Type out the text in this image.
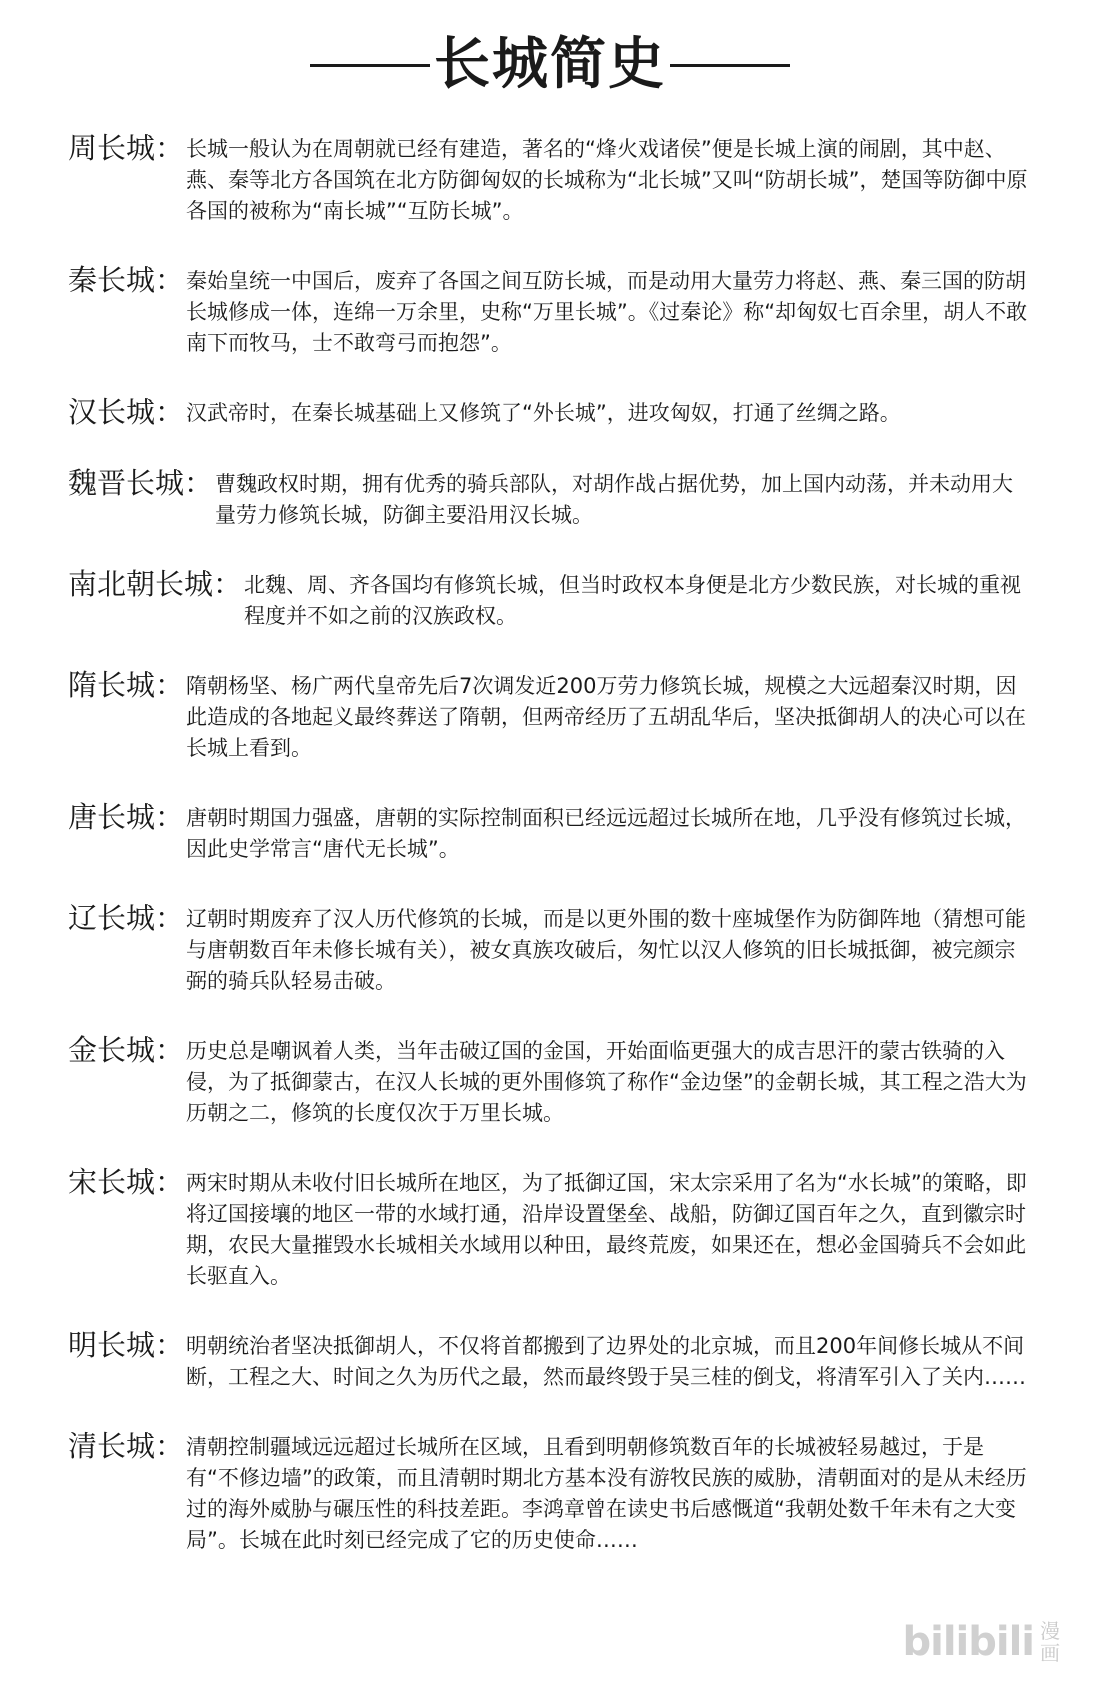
长城简史
周长城： 长城一般认为在周朝就已经有建造，著名的“烽火戏诸侯”便是长城上演的闹剧，其中赵、燕、秦等北方各国筑在北方防御匈奴的长城称为“北长城”又叫“防胡长城”，楚国等防御中原各国的被称为“南长城”“互防长城”。
秦长城： 秦始皇统一中国后，废弃了各国之间互防长城，而是动用大量劳力将赵、燕、秦三国的防胡长城修成一体，连绵一万余里，史称“万里长城”。《过秦论》称“却匈奴七百余里，胡人不敢南下而牧马，士不敢弯弓而抱怨”。
汉长城： 汉武帝时，在秦长城基础上又修筑了“外长城”，进攻匈奴，打通了丝绸之路。
魏晋长城： 曹魏政权时期，拥有优秀的骑兵部队，对胡作战占据优势，加上国内动荡，并未动用大量劳力修筑长城，防御主要沿用汉长城。
南北朝长城： 北魏、周、齐各国均有修筑长城，但当时政权本身便是北方少数民族，对长城的重视程度并不如之前的汉族政权。
隋长城： 隋朝杨坚、杨广两代皇帝先后7次调发近200万劳力修筑长城，规模之大远超秦汉时期，因此造成的各地起义最终葬送了隋朝，但两帝经历了五胡乱华后，坚决抵御胡人的决心可以在长城上看到。
唐长城： 唐朝时期国力强盛，唐朝的实际控制面积已经远远超过长城所在地，几乎没有修筑过长城，因此史学常言“唐代无长城”。
辽长城： 辽朝时期废弃了汉人历代修筑的长城，而是以更外围的数十座城堡作为防御阵地（猜想可能与唐朝数百年未修长城有关），被女真族攻破后，匆忙以汉人修筑的旧长城抵御，被完颜宗弼的骑兵队轻易击破。
金长城： 历史总是嘲讽着人类，当年击破辽国的金国，开始面临更强大的成吉思汗的蒙古铁骑的入侵，为了抵御蒙古，在汉人长城的更外围修筑了称作“金边堡”的金朝长城，其工程之浩大为历朝之二，修筑的长度仅次于万里长城。
宋长城： 两宋时期从未收付旧长城所在地区，为了抵御辽国，宋太宗采用了名为“水长城”的策略，即将辽国接壤的地区一带的水域打通，沿岸设置堡垒、战船，防御辽国百年之久，直到徽宗时期，农民大量摧毁水长城相关水域用以种田，最终荒废，如果还在，想必金国骑兵不会如此长驱直入。
明长城： 明朝统治者坚决抵御胡人，不仅将首都搬到了边界处的北京城，而且200年间修长城从不间断，工程之大、时间之久为历代之最，然而最终毁于吴三桂的倒戈，将清军引入了关内……
清长城： 清朝控制疆域远远超过长城所在区域，且看到明朝修筑数百年的长城被轻易越过，于是有“不修边墙”的政策，而且清朝时期北方基本没有游牧民族的威胁，清朝面对的是从未经历过的海外威胁与碾压性的科技差距。李鸿章曾在读史书后感慨道“我朝处数千年未有之大变局”。长城在此时刻已经完成了它的历史使命……
bilibili 漫
画
